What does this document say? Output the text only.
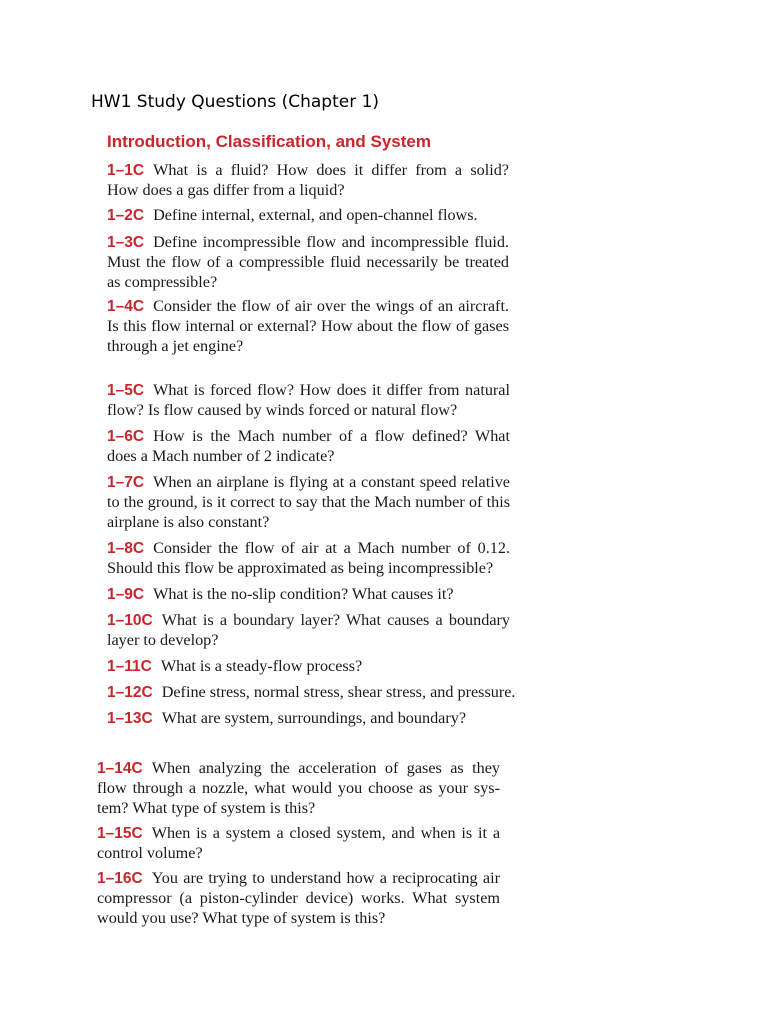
HW1 Study Questions (Chapter 1)
Introduction, Classification, and System
1–1C What is a fluid? How does it differ from a solid?
How does a gas differ from a liquid?
1–2C Define internal, external, and open-channel flows.
1–3C Define incompressible flow and incompressible fluid.
Must the flow of a compressible fluid necessarily be treated
as compressible?
1–4C Consider the flow of air over the wings of an aircraft.
Is this flow internal or external? How about the flow of gases
through a jet engine?
1–5C What is forced flow? How does it differ from natural
flow? Is flow caused by winds forced or natural flow?
1–6C How is the Mach number of a flow defined? What
does a Mach number of 2 indicate?
1–7C When an airplane is flying at a constant speed relative
to the ground, is it correct to say that the Mach number of this
airplane is also constant?
1–8C Consider the flow of air at a Mach number of 0.12.
Should this flow be approximated as being incompressible?
1–9C What is the no-slip condition? What causes it?
1–10C What is a boundary layer? What causes a boundary
layer to develop?
1–11C What is a steady-flow process?
1–12C Define stress, normal stress, shear stress, and pressure.
1–13C What are system, surroundings, and boundary?
1–14C When analyzing the acceleration of gases as they
flow through a nozzle, what would you choose as your sys-
tem? What type of system is this?
1–15C When is a system a closed system, and when is it a
control volume?
1–16C You are trying to understand how a reciprocating air
compressor (a piston-cylinder device) works. What system
would you use? What type of system is this?
